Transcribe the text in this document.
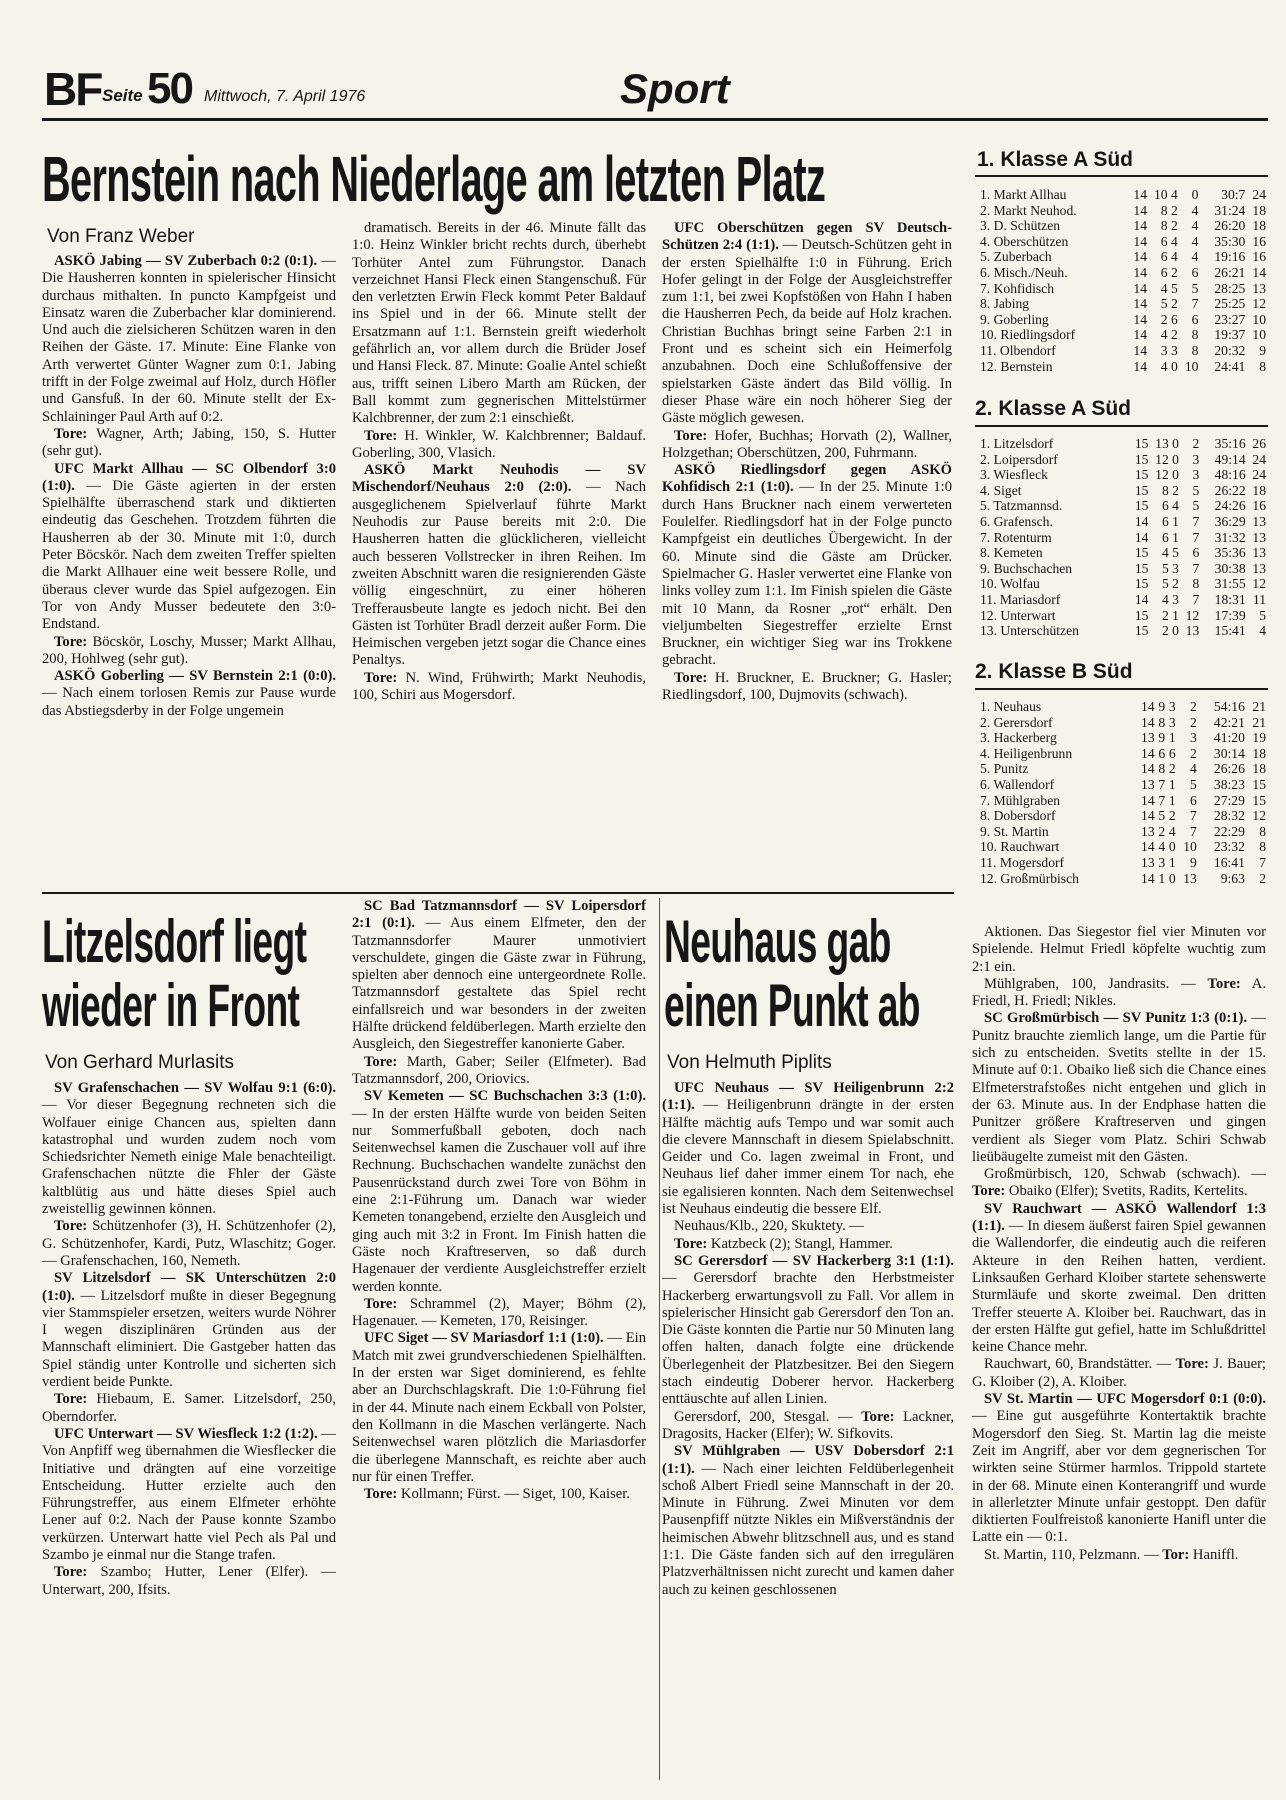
BF Seite 50 Mittwoch, 7. April 1976	Sport
Bernstein nach Niederlage am letzten Platz
Von Franz Weber

ASKÖ Jabing — SV Zuberbach 0:2 (0:1). — Die Hausherren konnten in spielerischer Hinsicht durchaus mithalten. In puncto Kampfgeist und Einsatz waren die Zuberbacher klar dominierend. Und auch die zielsicheren Schützen waren in den Reihen der Gäste. 17. Minute: Eine Flanke von Arth verwertet Günter Wagner zum 0:1. Jabing trifft in der Folge zweimal auf Holz, durch Höfler und Gansfuß. In der 60. Minute stellt der Ex-Schlaininger Paul Arth auf 0:2.

Tore: Wagner, Arth; Jabing, 150, S. Hutter (sehr gut).

UFC Markt Allhau — SC Olbendorf 3:0 (1:0). — Die Gäste agierten in der ersten Spielhälfte überraschend stark und diktierten eindeutig das Geschehen. Trotzdem führten die Hausherren ab der 30. Minute mit 1:0, durch Peter Böcskör. Nach dem zweiten Treffer spielten die Markt Allhauer eine weit bessere Rolle, und überaus clever wurde das Spiel aufgezogen. Ein Tor von Andy Musser bedeutete den 3:0-Endstand.

Tore: Böcskör, Loschy, Musser; Markt Allhau, 200, Hohlweg (sehr gut).

ASKÖ Goberling — SV Bernstein 2:1 (0:0). — Nach einem torlosen Remis zur Pause wurde das Abstiegsderby in der Folge ungemein

dramatisch. Bereits in der 46. Minute fällt das 1:0. Heinz Winkler bricht rechts durch, überhebt Torhüter Antel zum Führungstor. Danach verzeichnet Hansi Fleck einen Stangenschuß. Für den verletzten Erwin Fleck kommt Peter Baldauf ins Spiel und in der 66. Minute stellt der Ersatzmann auf 1:1. Bernstein greift wiederholt gefährlich an, vor allem durch die Brüder Josef und Hansi Fleck. 87. Minute: Goalie Antel schießt aus, trifft seinen Libero Marth am Rücken, der Ball kommt zum gegnerischen Mittelstürmer Kalchbrenner, der zum 2:1 einschießt.

Tore: H. Winkler, W. Kalchbrenner; Baldauf. Goberling, 300, Vlasich.

ASKÖ Markt Neuhodis — SV Mischendorf/Neuhaus 2:0 (2:0). — Nach ausgeglichenem Spielverlauf führte Markt Neuhodis zur Pause bereits mit 2:0. Die Hausherren hatten die glücklicheren, vielleicht auch besseren Vollstrecker in ihren Reihen. Im zweiten Abschnitt waren die resignierenden Gäste völlig eingeschnürt, zu einer höheren Trefferausbeute langte es jedoch nicht. Bei den Gästen ist Torhüter Bradl derzeit außer Form. Die Heimischen vergeben jetzt sogar die Chance eines Penaltys.

Tore: N. Wind, Frühwirth; Markt Neuhodis, 100, Schiri aus Mogersdorf.

UFC Oberschützen gegen SV Deutsch-Schützen 2:4 (1:1). — Deutsch-Schützen geht in der ersten Spielhälfte 1:0 in Führung. Erich Hofer gelingt in der Folge der Ausgleichstreffer zum 1:1, bei zwei Kopfstößen von Hahn I haben die Hausherren Pech, da beide auf Holz krachen. Christian Buchhas bringt seine Farben 2:1 in Front und es scheint sich ein Heimerfolg anzubahnen. Doch eine Schlußoffensive der spielstarken Gäste ändert das Bild völlig. In dieser Phase wäre ein noch höherer Sieg der Gäste möglich gewesen.

Tore: Hofer, Buchhas; Horvath (2), Wallner, Holzgethan; Oberschützen, 200, Fuhrmann.

ASKÖ Riedlingsdorf gegen ASKÖ Kohfidisch 2:1 (1:0). — In der 25. Minute 1:0 durch Hans Bruckner nach einem verwerteten Foulelfer. Riedlingsdorf hat in der Folge puncto Kampfgeist ein deutliches Übergewicht. In der 60. Minute sind die Gäste am Drücker. Spielmacher G. Hasler verwertet eine Flanke von links volley zum 1:1. Im Finish spielen die Gäste mit 10 Mann, da Rosner „rot“ erhält. Den vieljumbelten Siegestreffer erzielte Ernst Bruckner, ein wichtiger Sieg war ins Trokkene gebracht.

Tore: H. Bruckner, E. Bruckner; G. Hasler; Riedlingsdorf, 100, Dujmovits (schwach).

Litzelsdorf liegt
wieder in Front
Von Gerhard Murlasits

SV Grafenschachen — SV Wolfau 9:1 (6:0). — Vor dieser Begegnung rechneten sich die Wolfauer einige Chancen aus, spielten dann katastrophal und wurden zudem noch vom Schiedsrichter Nemeth einige Male benachteiligt. Grafenschachen nützte die Fhler der Gäste kaltblütig aus und hätte dieses Spiel auch zweistellig gewinnen können.

Tore: Schützenhofer (3), H. Schützenhofer (2), G. Schützenhofer, Kardi, Putz, Wlaschitz; Goger. — Grafenschachen, 160, Nemeth.

SV Litzelsdorf — SK Unterschützen 2:0 (1:0). — Litzelsdorf mußte in dieser Begegnung vier Stammspieler ersetzen, weiters wurde Nöhrer I wegen disziplinären Gründen aus der Mannschaft eliminiert. Die Gastgeber hatten das Spiel ständig unter Kontrolle und sicherten sich verdient beide Punkte.

Tore: Hiebaum, E. Samer. Litzelsdorf, 250, Oberndorfer.

UFC Unterwart — SV Wiesfleck 1:2 (1:2). — Von Anpfiff weg übernahmen die Wiesflecker die Initiative und drängten auf eine vorzeitige Entscheidung. Hutter erzielte auch den Führungstreffer, aus einem Elfmeter erhöhte Lener auf 0:2. Nach der Pause konnte Szambo verkürzen. Unterwart hatte viel Pech als Pal und Szambo je einmal nur die Stange trafen.

Tore: Szambo; Hutter, Lener (Elfer). — Unterwart, 200, Ifsits.

SC Bad Tatzmannsdorf — SV Loipersdorf 2:1 (0:1). — Aus einem Elfmeter, den der Tatzmannsdorfer Maurer unmotiviert verschuldete, gingen die Gäste zwar in Führung, spielten aber dennoch eine untergeordnete Rolle. Tatzmannsdorf gestaltete das Spiel recht einfallsreich und war besonders in der zweiten Hälfte drückend feldüberlegen. Marth erzielte den Ausgleich, den Siegestreffer kanonierte Gaber.

Tore: Marth, Gaber; Seiler (Elfmeter). Bad Tatzmannsdorf, 200, Oriovics.

SV Kemeten — SC Buchschachen 3:3 (1:0). — In der ersten Hälfte wurde von beiden Seiten nur Sommerfußball geboten, doch nach Seitenwechsel kamen die Zuschauer voll auf ihre Rechnung. Buchschachen wandelte zunächst den Pausenrückstand durch zwei Tore von Böhm in eine 2:1-Führung um. Danach war wieder Kemeten tonangebend, erzielte den Ausgleich und ging auch mit 3:2 in Front. Im Finish hatten die Gäste noch Kraftreserven, so daß durch Hagenauer der verdiente Ausgleichstreffer erzielt werden konnte.

Tore: Schrammel (2), Mayer; Böhm (2), Hagenauer. — Kemeten, 170, Reisinger.

UFC Siget — SV Mariasdorf 1:1 (1:0). — Ein Match mit zwei grundverschiedenen Spielhälften. In der ersten war Siget dominierend, es fehlte aber an Durchschlagskraft. Die 1:0-Führung fiel in der 44. Minute nach einem Eckball von Polster, den Kollmann in die Maschen verlängerte. Nach Seitenwechsel waren plötzlich die Mariasdorfer die überlegene Mannschaft, es reichte aber auch nur für einen Treffer.

Tore: Kollmann; Fürst. — Siget, 100, Kaiser.

Neuhaus gab
einen Punkt ab
Von Helmuth Piplits

UFC Neuhaus — SV Heiligenbrunn 2:2 (1:1). — Heiligenbrunn drängte in der ersten Hälfte mächtig aufs Tempo und war somit auch die clevere Mannschaft in diesem Spielabschnitt. Geider und Co. lagen zweimal in Front, und Neuhaus lief daher immer einem Tor nach, ehe sie egalisieren konnten. Nach dem Seitenwechsel ist Neuhaus eindeutig die bessere Elf.

Neuhaus/Klb., 220, Skuktety. —

Tore: Katzbeck (2); Stangl, Hammer.

SC Gerersdorf — SV Hackerberg 3:1 (1:1). — Gerersdorf brachte den Herbstmeister Hackerberg erwartungsvoll zu Fall. Vor allem in spielerischer Hinsicht gab Gerersdorf den Ton an. Die Gäste konnten die Partie nur 50 Minuten lang offen halten, danach folgte eine drückende Überlegenheit der Platzbesitzer. Bei den Siegern stach eindeutig Doberer hervor. Hackerberg enttäuschte auf allen Linien.

Gerersdorf, 200, Stesgal. — Tore: Lackner, Dragosits, Hacker (Elfer); W. Sifkovits.

SV Mühlgraben — USV Dobersdorf 2:1 (1:1). — Nach einer leichten Feldüberlegenheit schoß Albert Friedl seine Mannschaft in der 20. Minute in Führung. Zwei Minuten vor dem Pausenpfiff nützte Nikles ein Mißverständnis der heimischen Abwehr blitzschnell aus, und es stand 1:1. Die Gäste fanden sich auf den irregulären Platzverhältnissen nicht zurecht und kamen daher auch zu keinen geschlossenen

Aktionen. Das Siegestor fiel vier Minuten vor Spielende. Helmut Friedl köpfelte wuchtig zum 2:1 ein.

Mühlgraben, 100, Jandrasits. — Tore: A. Friedl, H. Friedl; Nikles.

SC Großmürbisch — SV Punitz 1:3 (0:1). — Punitz brauchte ziemlich lange, um die Partie für sich zu entscheiden. Svetits stellte in der 15. Minute auf 0:1. Obaiko ließ sich die Chance eines Elfmeterstrafstoßes nicht entgehen und glich in der 63. Minute aus. In der Endphase hatten die Punitzer größere Kraftreserven und gingen verdient als Sieger vom Platz. Schiri Schwab lieübäugelte zumeist mit den Gästen.

Großmürbisch, 120, Schwab (schwach). — Tore: Obaiko (Elfer); Svetits, Radits, Kertelits.

SV Rauchwart — ASKÖ Wallendorf 1:3 (1:1). — In diesem äußerst fairen Spiel gewannen die Wallendorfer, die eindeutig auch die reiferen Akteure in den Reihen hatten, verdient. Linksaußen Gerhard Kloiber startete sehenswerte Sturmläufe und skorte zweimal. Den dritten Treffer steuerte A. Kloiber bei. Rauchwart, das in der ersten Hälfte gut gefiel, hatte im Schlußdrittel keine Chance mehr.

Rauchwart, 60, Brandstätter. — Tore: J. Bauer; G. Kloiber (2), A. Kloiber.

SV St. Martin — UFC Mogersdorf 0:1 (0:0). — Eine gut ausgeführte Kontertaktik brachte Mogersdorf den Sieg. St. Martin lag die meiste Zeit im Angriff, aber vor dem gegnerischen Tor wirkten seine Stürmer harmlos. Trippold startete in der 68. Minute einen Konterangriff und wurde in allerletzter Minute unfair gestoppt. Den dafür diktierten Foulfreistoß kanonierte Hanifl unter die Latte ein — 0:1.

St. Martin, 110, Pelzmann. — Tor: Haniffl.

1. Klasse A Süd
1. Markt Allhau	14	10	4	0	30:7	24
2. Markt Neuhod.	14	8	2	4	31:24	18
3. D. Schützen	14	8	2	4	26:20	18
4. Oberschützen	14	6	4	4	35:30	16
5. Zuberbach	14	6	4	4	19:16	16
6. Misch./Neuh.	14	6	2	6	26:21	14
7. Kohfidisch	14	4	5	5	28:25	13
8. Jabing	14	5	2	7	25:25	12
9. Goberling	14	2	6	6	23:27	10
10. Riedlingsdorf	14	4	2	8	19:37	10
11. Olbendorf	14	3	3	8	20:32	9
12. Bernstein	14	4	0	10	24:41	8
2. Klasse A Süd
1. Litzelsdorf	15	13	0	2	35:16	26
2. Loipersdorf	15	12	0	3	49:14	24
3. Wiesfleck	15	12	0	3	48:16	24
4. Siget	15	8	2	5	26:22	18
5. Tatzmannsd.	15	6	4	5	24:26	16
6. Grafensch.	14	6	1	7	36:29	13
7. Rotenturm	14	6	1	7	31:32	13
8. Kemeten	15	4	5	6	35:36	13
9. Buchschachen	15	5	3	7	30:38	13
10. Wolfau	15	5	2	8	31:55	12
11. Mariasdorf	14	4	3	7	18:31	11
12. Unterwart	15	2	1	12	17:39	5
13. Unterschützen	15	2	0	13	15:41	4
2. Klasse B Süd
1. Neuhaus	14	9	3	2	54:16	21
2. Gerersdorf	14	8	3	2	42:21	21
3. Hackerberg	13	9	1	3	41:20	19
4. Heiligenbrunn	14	6	6	2	30:14	18
5. Punitz	14	8	2	4	26:26	18
6. Wallendorf	13	7	1	5	38:23	15
7. Mühlgraben	14	7	1	6	27:29	15
8. Dobersdorf	14	5	2	7	28:32	12
9. St. Martin	13	2	4	7	22:29	8
10. Rauchwart	14	4	0	10	23:32	8
11. Mogersdorf	13	3	1	9	16:41	7
12. Großmürbisch	14	1	0	13	9:63	2
